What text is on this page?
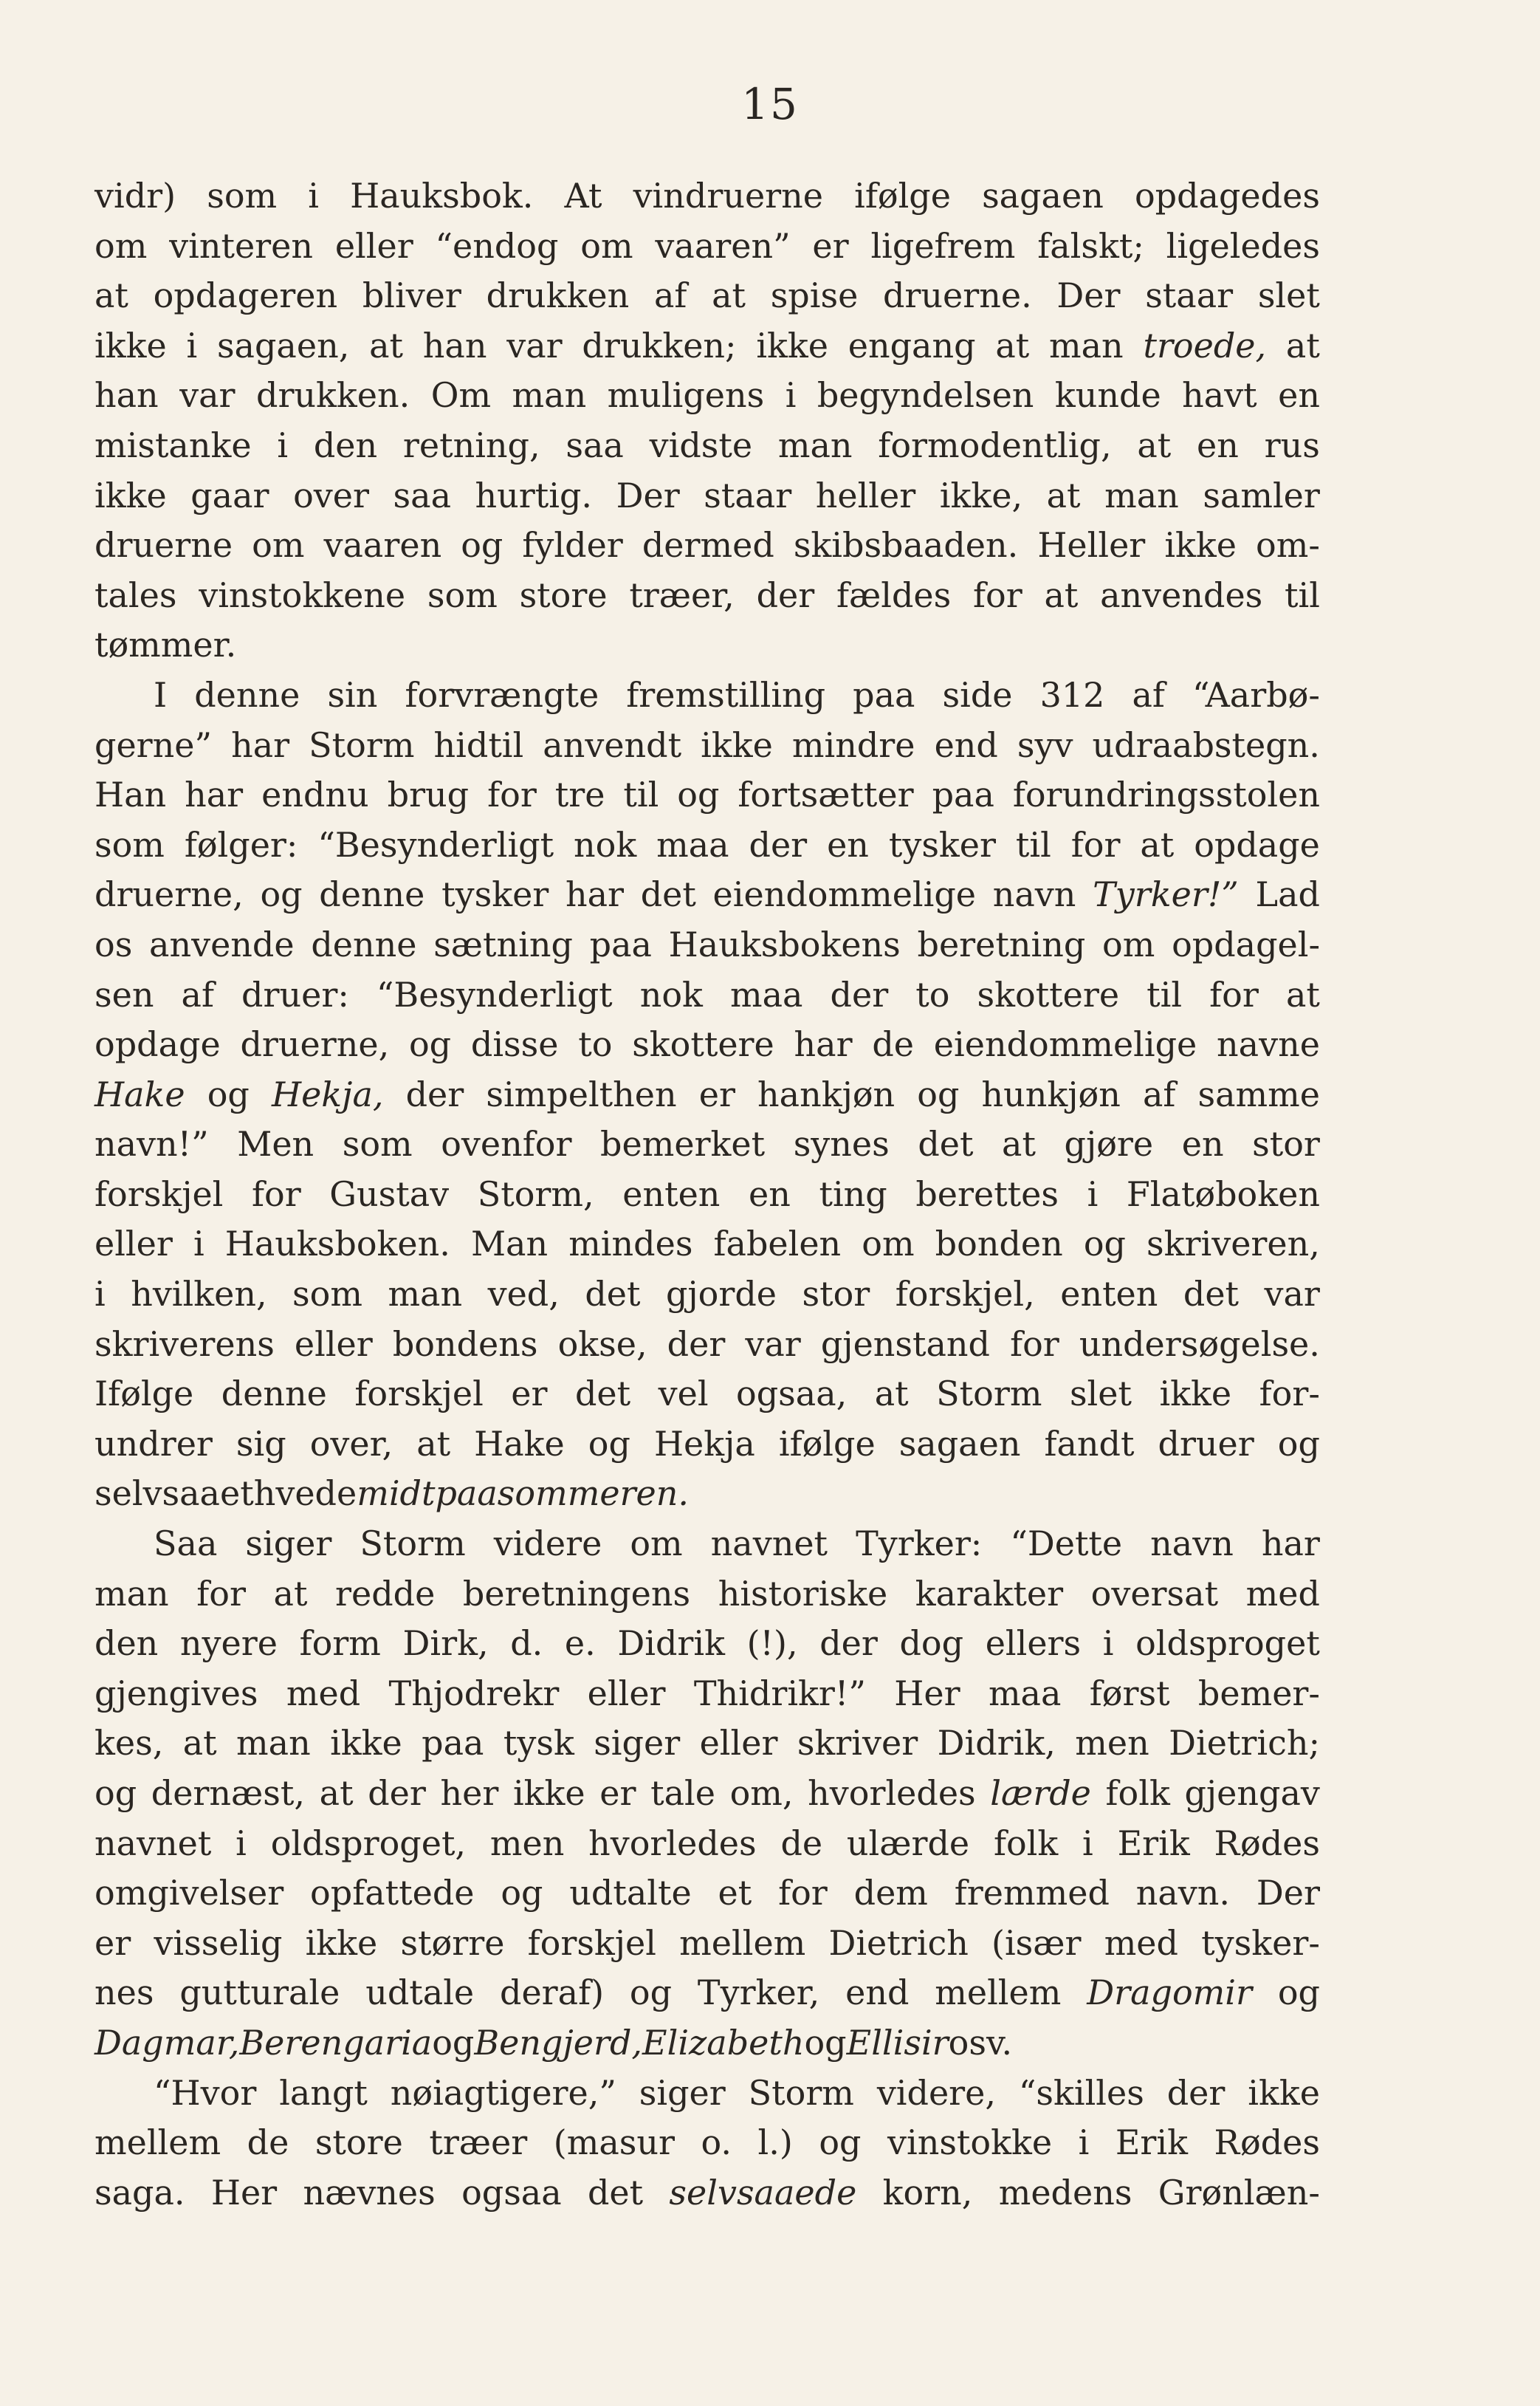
15
vidr) som i Hauksbok. At vindruerne ifølge sagaen opdagedes
om vinteren eller “endog om vaaren” er ligefrem falskt; ligeledes
at opdageren bliver drukken af at spise druerne. Der staar slet
ikke i sagaen, at han var drukken; ikke engang at man troede, at
han var drukken. Om man muligens i begyndelsen kunde havt en
mistanke i den retning, saa vidste man formodentlig, at en rus
ikke gaar over saa hurtig. Der staar heller ikke, at man samler
druerne om vaaren og fylder dermed skibsbaaden. Heller ikke om-
tales vinstokkene som store træer, der fældes for at anvendes til
tømmer.
I denne sin forvrængte fremstilling paa side 312 af “Aarbø-
gerne” har Storm hidtil anvendt ikke mindre end syv udraabstegn.
Han har endnu brug for tre til og fortsætter paa forundringsstolen
som følger: “Besynderligt nok maa der en tysker til for at opdage
druerne, og denne tysker har det eiendommelige navn Tyrker!” Lad
os anvende denne sætning paa Hauksbokens beretning om opdagel-
sen af druer: “Besynderligt nok maa der to skottere til for at
opdage druerne, og disse to skottere har de eiendommelige navne
Hake og Hekja, der simpelthen er hankjøn og hunkjøn af samme
navn!” Men som ovenfor bemerket synes det at gjøre en stor
forskjel for Gustav Storm, enten en ting berettes i Flatøboken
eller i Hauksboken. Man mindes fabelen om bonden og skriveren,
i hvilken, som man ved, det gjorde stor forskjel, enten det var
skriverens eller bondens okse, der var gjenstand for undersøgelse.
Ifølge denne forskjel er det vel ogsaa, at Storm slet ikke for-
undrer sig over, at Hake og Hekja ifølge sagaen fandt druer og
selvsaaet hvede midt paa sommeren.
Saa siger Storm videre om navnet Tyrker: “Dette navn har
man for at redde beretningens historiske karakter oversat med
den nyere form Dirk, d. e. Didrik (!), der dog ellers i oldsproget
gjengives med Thjodrekr eller Thidrikr!” Her maa først bemer-
kes, at man ikke paa tysk siger eller skriver Didrik, men Dietrich;
og dernæst, at der her ikke er tale om, hvorledes lærde folk gjengav
navnet i oldsproget, men hvorledes de ulærde folk i Erik Rødes
omgivelser opfattede og udtalte et for dem fremmed navn. Der
er visselig ikke større forskjel mellem Dietrich (især med tysker-
nes gutturale udtale deraf) og Tyrker, end mellem Dragomir og
Dagmar, Berengaria og Bengjerd, Elizabeth og Ellisir osv.
“Hvor langt nøiagtigere,” siger Storm videre, “skilles der ikke
mellem de store træer (masur o. l.) og vinstokke i Erik Rødes
saga. Her nævnes ogsaa det selvsaaede korn, medens Grønlæn-
